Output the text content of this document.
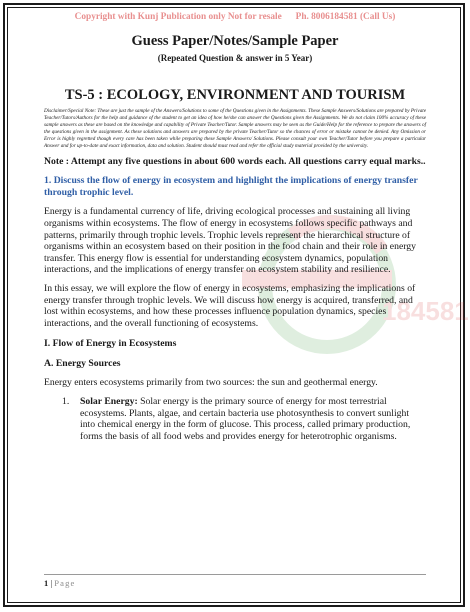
184581

Copyright with Kunj Publication only Not for resale Ph. 8006184581 (Call Us)

Guess Paper/Notes/Sample Paper

(Repeated Question & answer in 5 Year)

TS-5 : ECOLOGY, ENVIRONMENT AND TOURISM

Disclaimer/Special Note: These are just the sample of the Answers/Solutions to some of the Questions given in the Assignments. These Sample Answers/Solutions are prepared by Private Teacher/Tutors/Authors for the help and guidance of the student to get an idea of how he/she can answer the Questions given the Assignments. We do not claim 100% accuracy of these sample answers as these are based on the knowledge and capability of Private Teacher/Tutor. Sample answers may be seen as the Guide/Help for the reference to prepare the answers of the questions given in the assignment. As these solutions and answers are prepared by the private Teacher/Tutor so the chances of error or mistake cannot be denied. Any Omission or Error is highly regretted though every care has been taken while preparing these Sample Answers/ Solutions. Please consult your own Teacher/Tutor before you prepare a particular Answer and for up-to-date and exact information, data and solution. Student should must read and refer the official study material provided by the university.

Note : Attempt any five questions in about 600 words each. All questions carry equal marks..

1. Discuss the flow of energy in ecosystem and highlight the implications of energy transfer through trophic level.

Energy is a fundamental currency of life, driving ecological processes and sustaining all living organisms within ecosystems. The flow of energy in ecosystems follows specific pathways and patterns, primarily through trophic levels. Trophic levels represent the hierarchical structure of organisms within an ecosystem based on their position in the food chain and their role in energy transfer. This energy flow is essential for understanding ecosystem dynamics, population interactions, and the implications of energy transfer on ecosystem stability and resilience.

In this essay, we will explore the flow of energy in ecosystems, emphasizing the implications of energy transfer through trophic levels. We will discuss how energy is acquired, transferred, and lost within ecosystems, and how these processes influence population dynamics, species interactions, and the overall functioning of ecosystems.

I. Flow of Energy in Ecosystems

A. Energy Sources

Energy enters ecosystems primarily from two sources: the sun and geothermal energy.

1. Solar Energy: Solar energy is the primary source of energy for most terrestrial ecosystems. Plants, algae, and certain bacteria use photosynthesis to convert sunlight into chemical energy in the form of glucose. This process, called primary production, forms the basis of all food webs and provides energy for heterotrophic organisms.
1 | Page
